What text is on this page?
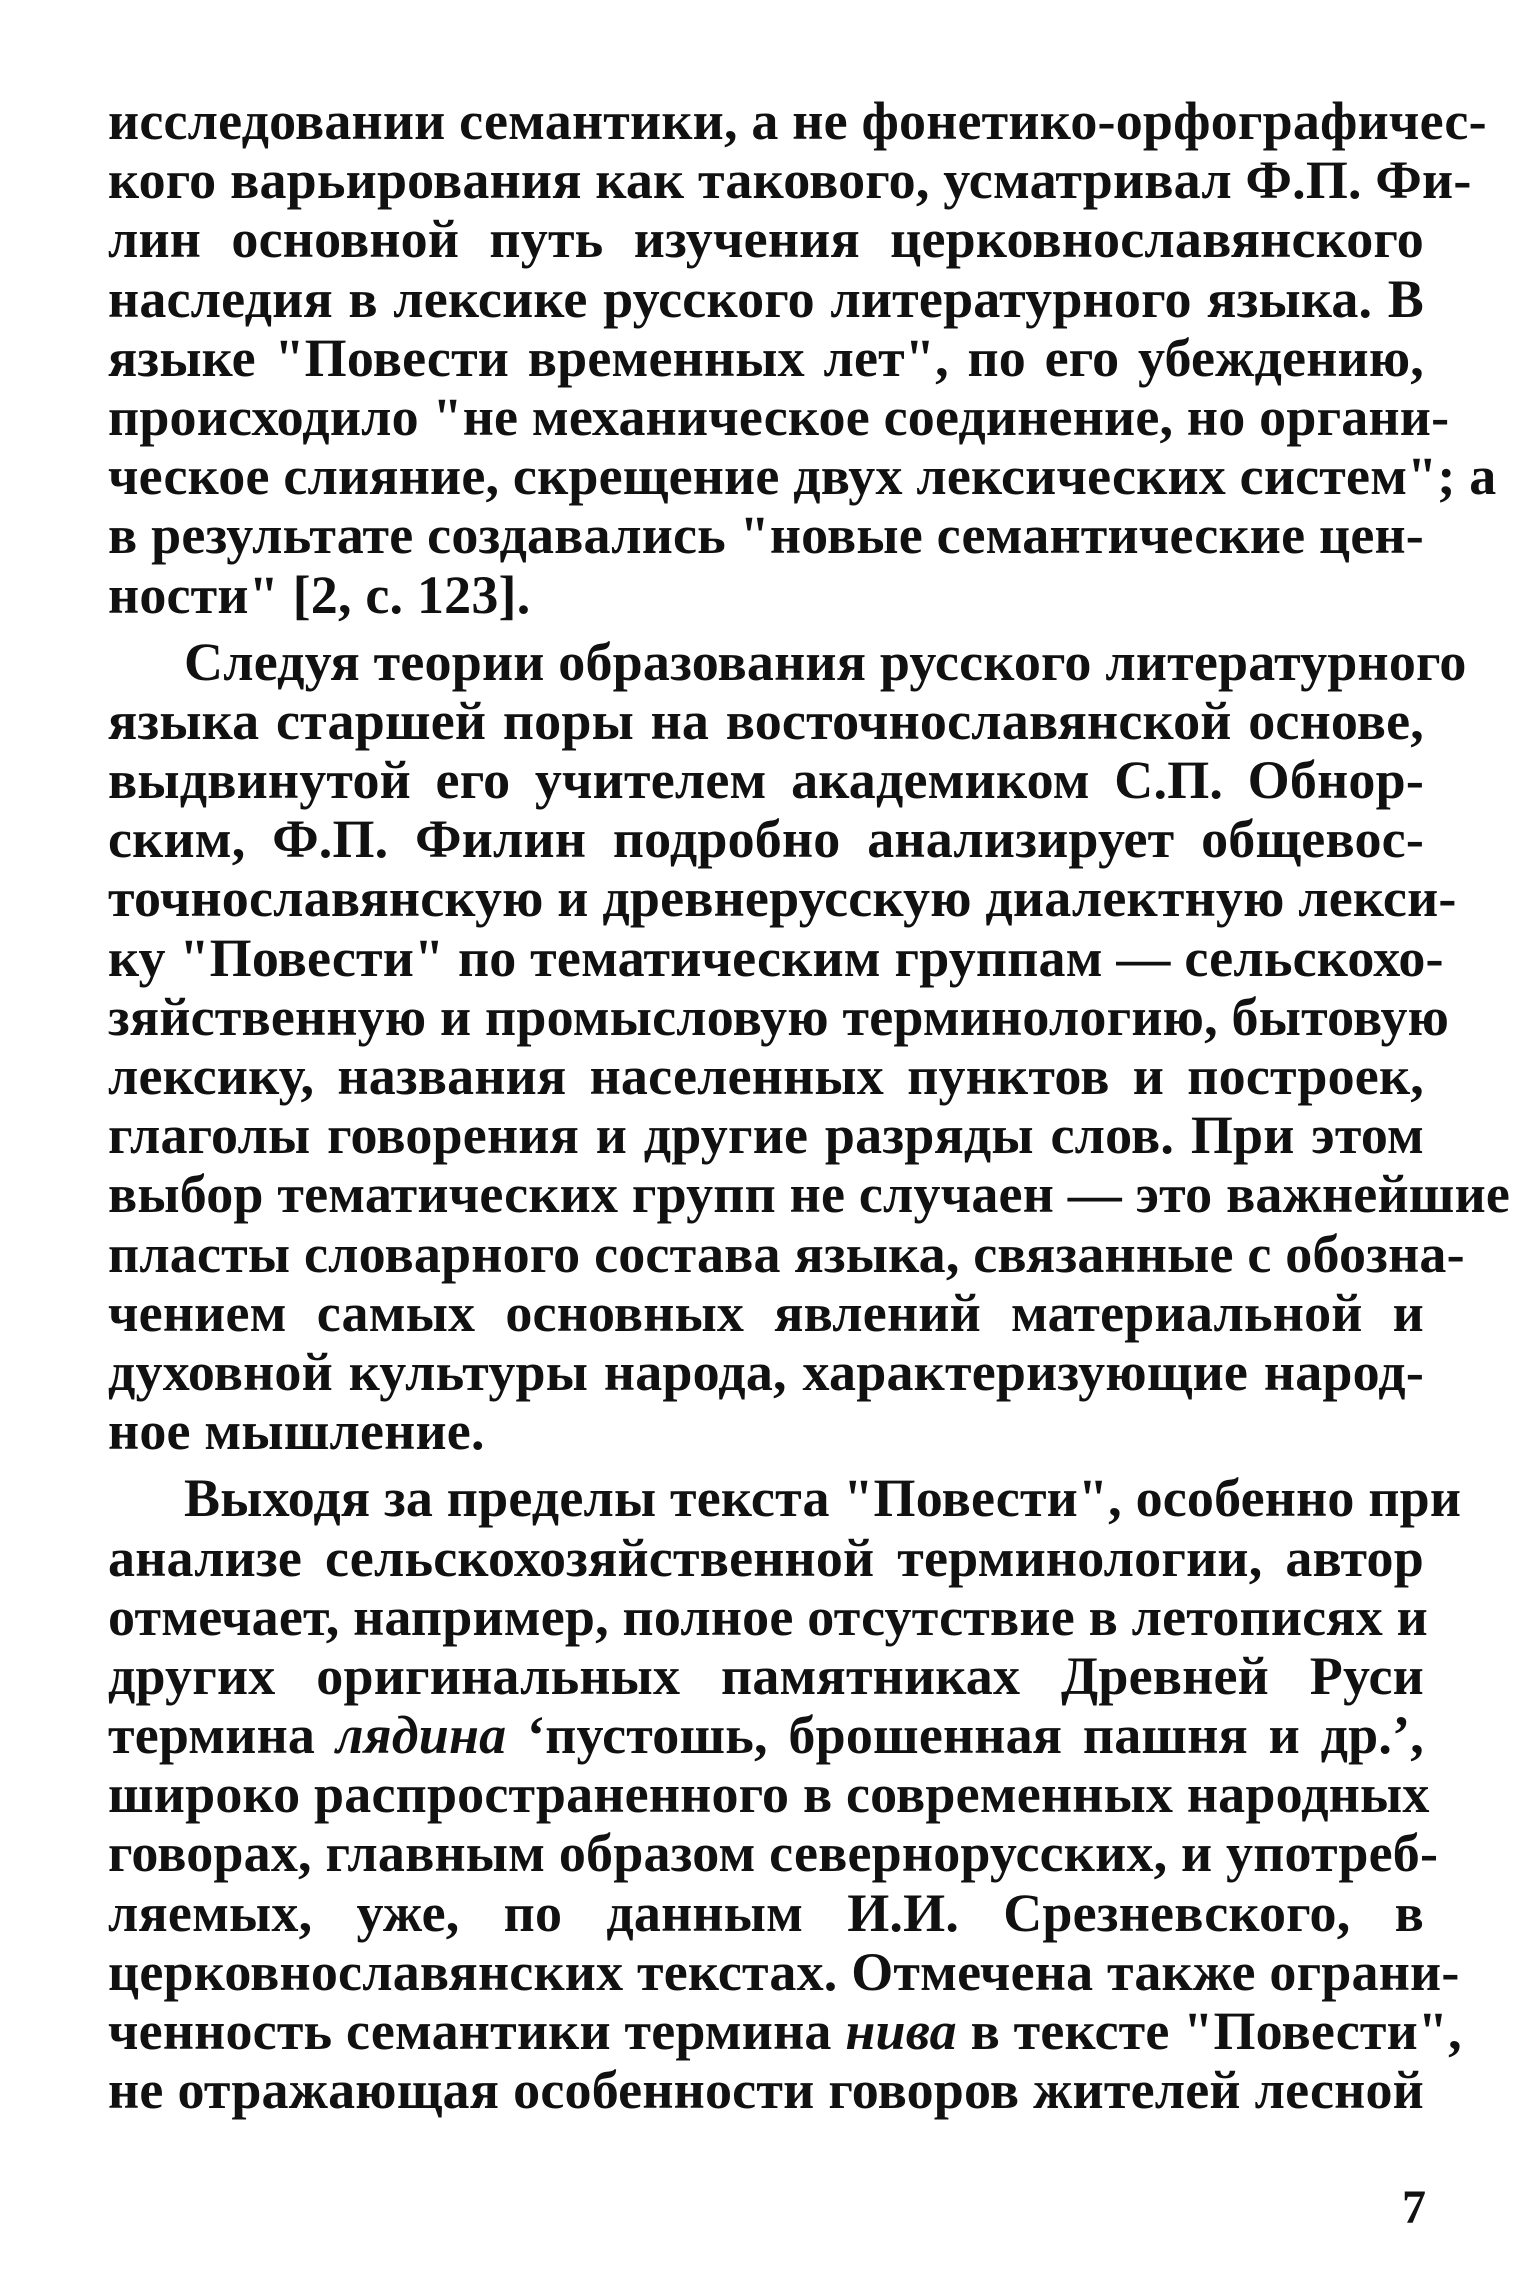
исследовании семантики, а не фонетико-орфографичес-
кого варьирования как такового, усматривал Ф.П. Фи-
лин основной путь изучения церковнославянского
наследия в лексике русского литературного языка. В
языке "Повести временных лет", по его убеждению,
происходило "не механическое соединение, но органи-
ческое слияние, скрещение двух лексических систем"; а
в результате создавались "новые семантические цен-
ности" [2, с. 123].
Следуя теории образования русского литературного
языка старшей поры на восточнославянской основе,
выдвинутой его учителем академиком С.П. Обнор-
ским, Ф.П. Филин подробно анализирует общевос-
точнославянскую и древнерусскую диалектную лекси-
ку "Повести" по тематическим группам — сельскохо-
зяйственную и промысловую терминологию, бытовую
лексику, названия населенных пунктов и построек,
глаголы говорения и другие разряды слов. При этом
выбор тематических групп не случаен — это важнейшие
пласты словарного состава языка, связанные с обозна-
чением самых основных явлений материальной и
духовной культуры народа, характеризующие народ-
ное мышление.
Выходя за пределы текста "Повести", особенно при
анализе сельскохозяйственной терминологии, автор
отмечает, например, полное отсутствие в летописях и
других оригинальных памятниках Древней Руси
термина лядина ‘пустошь, брошенная пашня и др.’,
широко распространенного в современных народных
говорах, главным образом севернорусских, и употреб-
ляемых, уже, по данным И.И. Срезневского, в
церковнославянских текстах. Отмечена также ограни-
ченность семантики термина нива в тексте "Повести",
не отражающая особенности говоров жителей лесной
7
